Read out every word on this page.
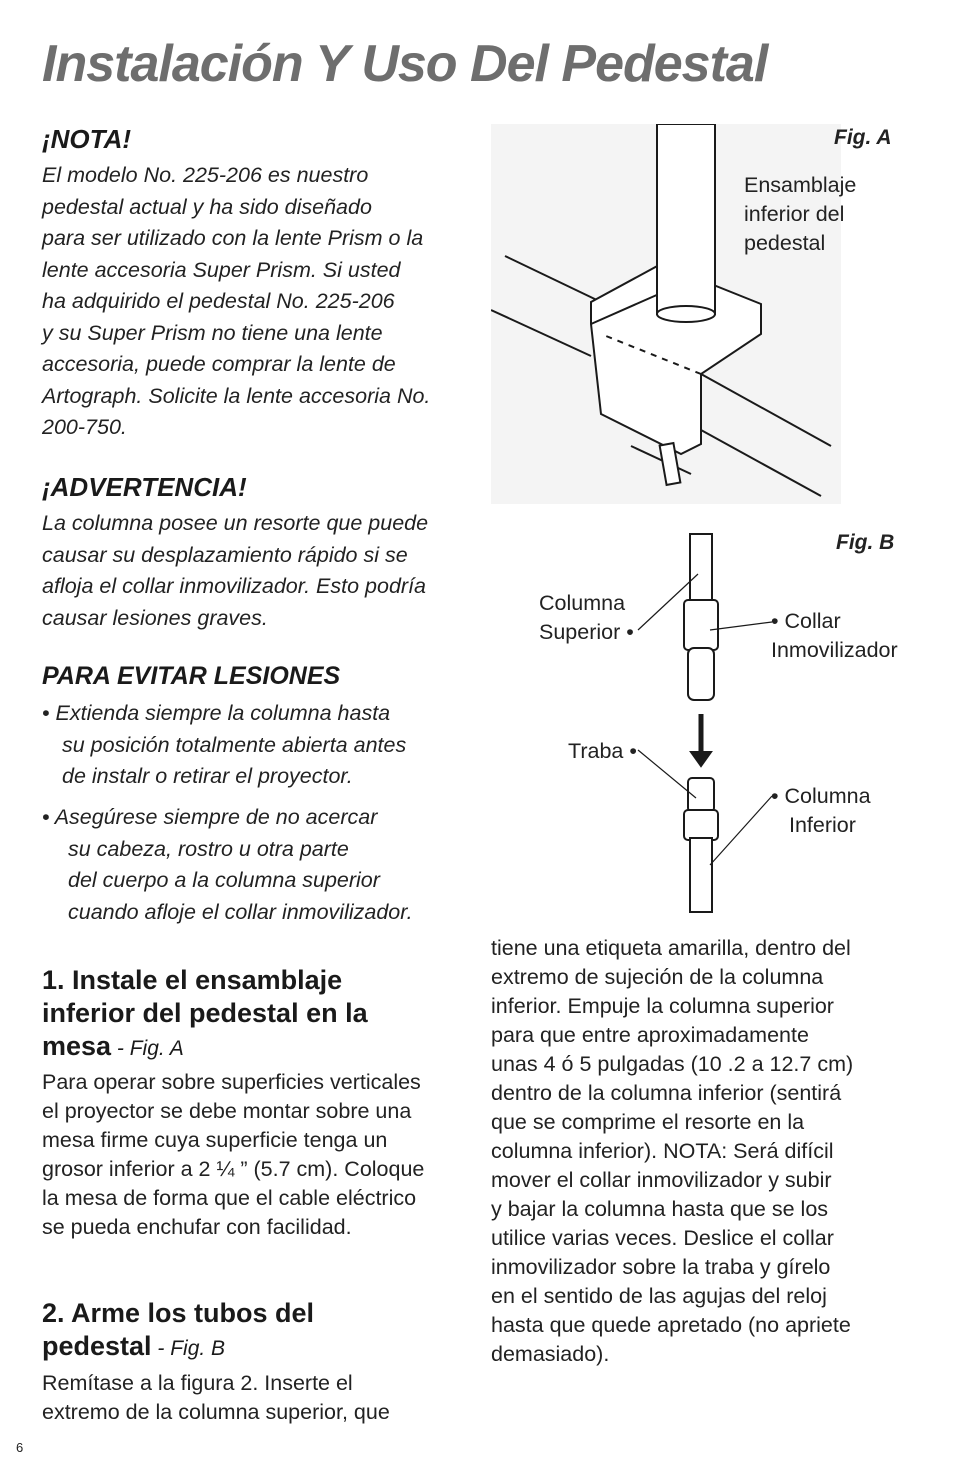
Instalación Y Uso Del Pedestal
¡NOTA!
El modelo No. 225-206 es nuestro
pedestal actual y ha sido diseñado
para ser utilizado con la lente Prism o la
lente accesoria Super Prism. Si usted
ha adquirido el pedestal No. 225-206
y su Super Prism no tiene una lente
accesoria, puede comprar la lente de
Artograph. Solicite la lente accesoria No.
200-750.
¡ADVERTENCIA!
La columna posee un resorte que puede
causar su desplazamiento rápido si se
afloja el collar inmovilizador. Esto podría
causar lesiones graves.
PARA EVITAR LESIONES
• Extienda siempre la columna hasta
su posición totalmente abierta antes
de instalr o retirar el proyector.
• Asegúrese siempre de no acercar
su cabeza, rostro u otra parte
del cuerpo a la columna superior
cuando afloje el collar inmovilizador.
1. Instale el ensamblaje
inferior del pedestal en la
mesa - Fig. A
Para operar sobre superficies verticales
el proyector se debe montar sobre una
mesa firme cuya superficie tenga un
grosor inferior a 2 ¼ ” (5.7 cm). Coloque
la mesa de forma que el cable eléctrico
se pueda enchufar con facilidad.
2. Arme los tubos del
pedestal - Fig. B
Remítase a la figura 2. Inserte el
extremo de la columna superior, que
tiene una etiqueta amarilla, dentro del
extremo de sujeción de la columna
inferior. Empuje la columna superior
para que entre aproximadamente
unas 4 ó 5 pulgadas (10 .2 a 12.7 cm)
dentro de la columna inferior (sentirá
que se comprime el resorte en la
columna inferior). NOTA: Será difícil
mover el collar inmovilizador y subir
y bajar la columna hasta que se los
utilice varias veces. Deslice el collar
inmovilizador sobre la traba y gírelo
en el sentido de las agujas del reloj
hasta que quede apretado (no apriete
demasiado).
Fig. A
Ensamblaje
inferior del
pedestal
Fig. B
Columna
Superior •	• Collar
Inmovilizador
Traba •
• Columna
Inferior
6
